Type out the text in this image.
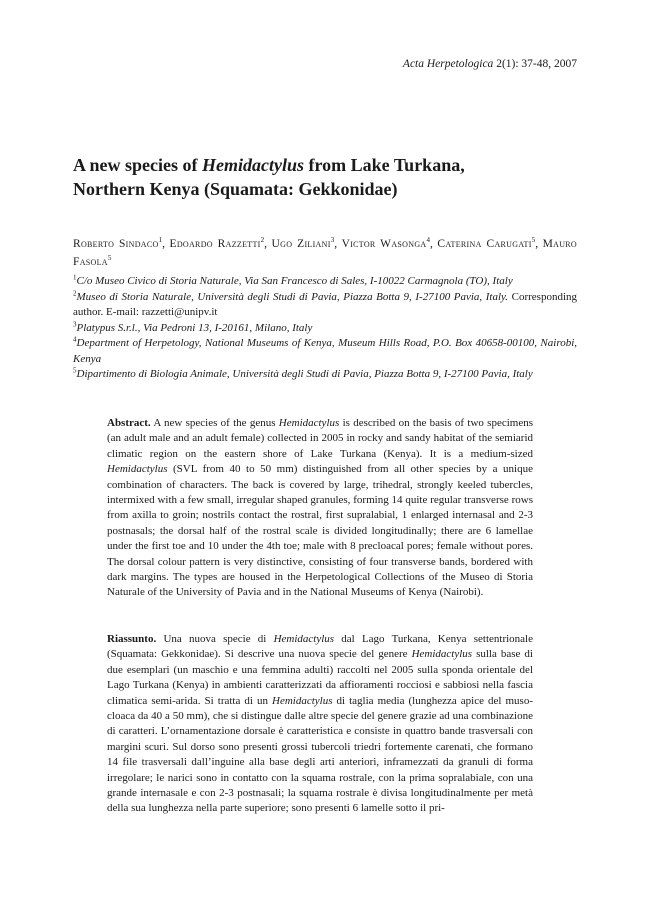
Acta Herpetologica 2(1): 37-48, 2007
A new species of Hemidactylus from Lake Turkana,
Northern Kenya (Squamata: Gekkonidae)

Roberto Sindaco$^1$, Edoardo Razzetti$^2$, Ugo Ziliani$^3$, Victor Wasonga$^4$, Caterina Carugati$^5$, Mauro Fasola$^5$

$^1$C/o Museo Civico di Storia Naturale, Via San Francesco di Sales, I-10022 Carmagnola (TO), Italy

$^2$Museo di Storia Naturale, Università degli Studi di Pavia, Piazza Botta 9, I-27100 Pavia, Italy. Corresponding author. E-mail: razzetti@unipv.it

$^3$Platypus S.r.l., Via Pedroni 13, I-20161, Milano, Italy

$^4$Department of Herpetology, National Museums of Kenya, Museum Hills Road, P.O. Box 40658-00100, Nairobi, Kenya

$^5$Dipartimento di Biologia Animale, Università degli Studi di Pavia, Piazza Botta 9, I-27100 Pavia, Italy

Abstract. A new species of the genus Hemidactylus is described on the basis of two specimens (an adult male and an adult female) collected in 2005 in rocky and sandy habitat of the semiarid climatic region on the eastern shore of Lake Turkana (Kenya). It is a medium-sized Hemidactylus (SVL from 40 to 50 mm) distinguished from all other species by a unique combination of characters. The back is covered by large, trihedral, strongly keeled tubercles, intermixed with a few small, irregular shaped granules, forming 14 quite regular transverse rows from axilla to groin; nostrils contact the rostral, first supralabial, 1 enlarged internasal and 2-3 postnasals; the dorsal half of the rostral scale is divided longitudinally; there are 6 lamellae under the first toe and 10 under the 4th toe; male with 8 precloacal pores; female without pores. The dorsal colour pattern is very distinctive, consisting of four transverse bands, bordered with dark margins. The types are housed in the Herpetological Collections of the Museo di Storia Naturale of the University of Pavia and in the National Museums of Kenya (Nairobi).

Riassunto. Una nuova specie di Hemidactylus dal Lago Turkana, Kenya settentrionale (Squamata: Gekkonidae). Si descrive una nuova specie del genere Hemidactylus sulla base di due esemplari (un maschio e una femmina adulti) raccolti nel 2005 sulla sponda orientale del Lago Turkana (Kenya) in ambienti caratterizzati da affioramenti rocciosi e sabbiosi nella fascia climatica semi-arida. Si tratta di un Hemidactylus di taglia media (lunghezza apice del muso-cloaca da 40 a 50 mm), che si distingue dalle altre specie del genere grazie ad una combinazione di caratteri. L’ornamentazione dorsale è caratteristica e consiste in quattro bande trasversali con margini scuri. Sul dorso sono presenti grossi tubercoli triedri fortemente carenati, che formano 14 file trasversali dall’inguine alla base degli arti anteriori, inframezzati da granuli di forma irregolare; le narici sono in contatto con la squama rostrale, con la prima sopralabiale, con una grande internasale e con 2-3 postnasali; la squama rostrale è divisa longitudinalmente per metà della sua lunghezza nella parte superiore; sono presenti 6 lamelle sotto il pri-
